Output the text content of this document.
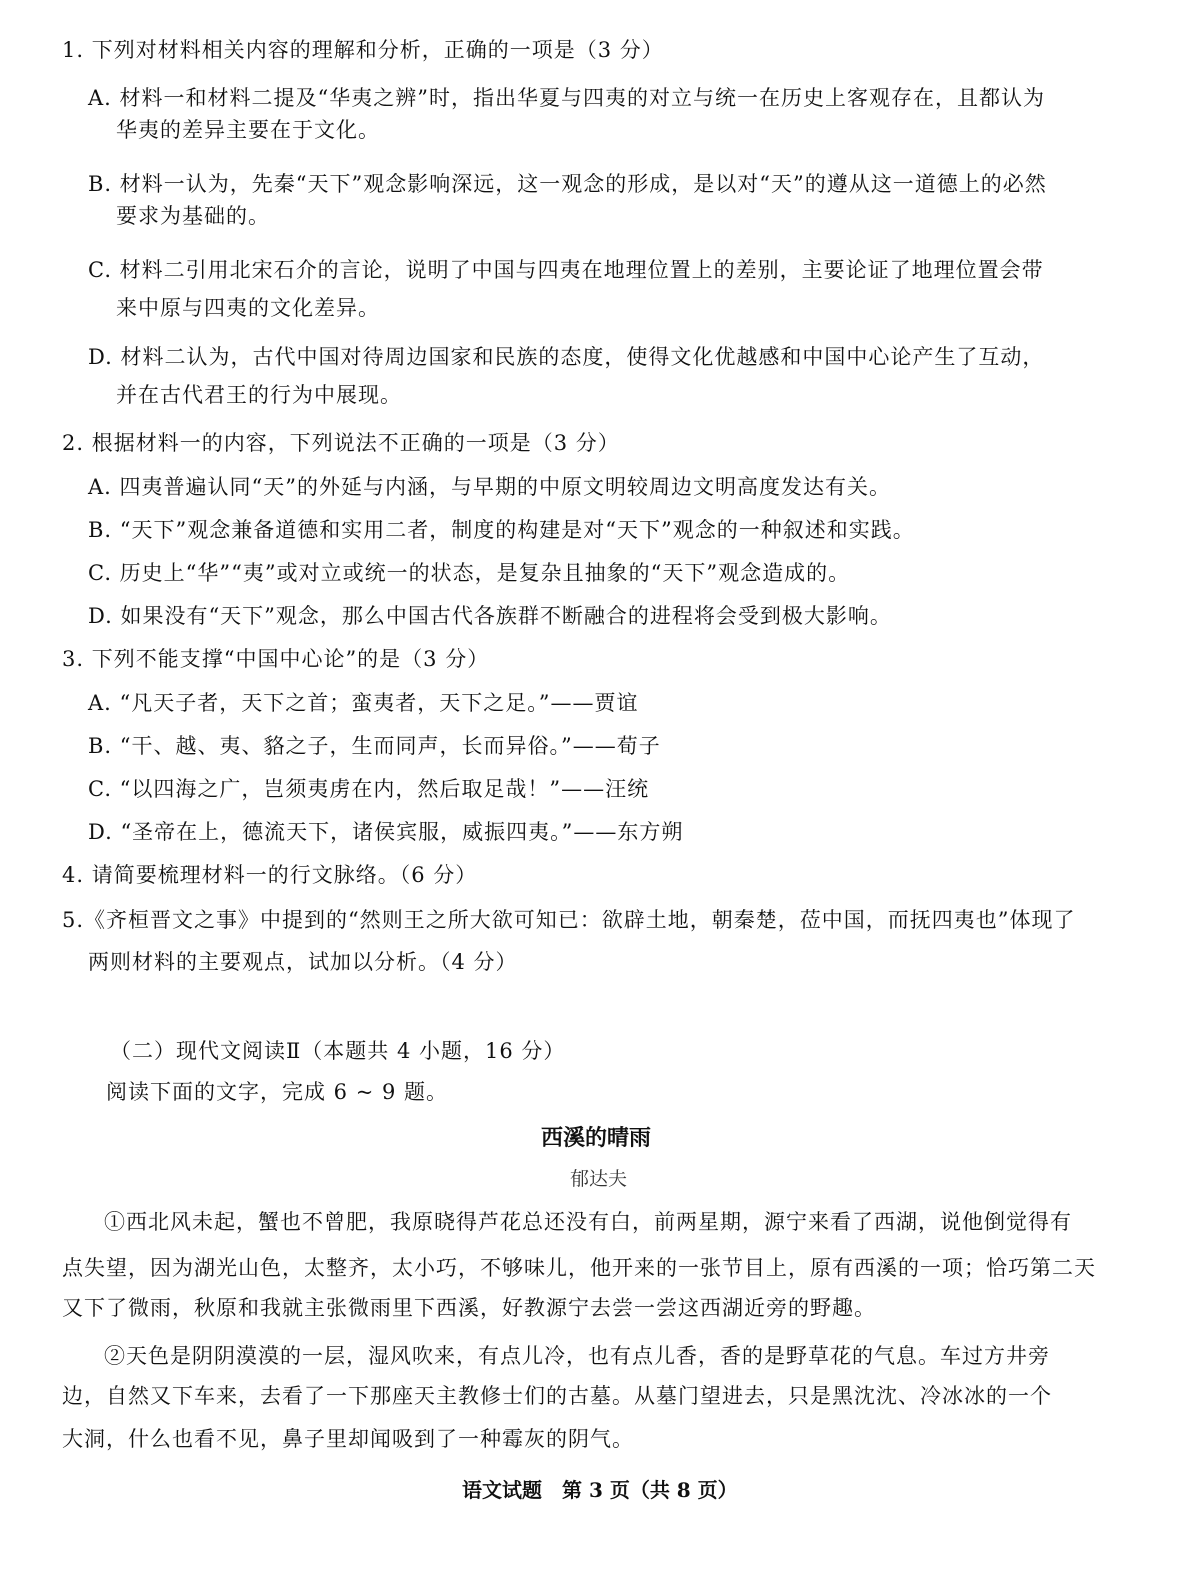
1. 下列对材料相关内容的理解和分析，正确的一项是（3 分）
A. 材料一和材料二提及“华夷之辨”时，指出华夏与四夷的对立与统一在历史上客观存在，且都认为
华夷的差异主要在于文化。
B. 材料一认为，先秦“天下”观念影响深远，这一观念的形成，是以对“天”的遵从这一道德上的必然
要求为基础的。
C. 材料二引用北宋石介的言论，说明了中国与四夷在地理位置上的差别，主要论证了地理位置会带
来中原与四夷的文化差异。
D. 材料二认为，古代中国对待周边国家和民族的态度，使得文化优越感和中国中心论产生了互动，
并在古代君王的行为中展现。
2. 根据材料一的内容，下列说法不正确的一项是（3 分）
A. 四夷普遍认同“天”的外延与内涵，与早期的中原文明较周边文明高度发达有关。
B. “天下”观念兼备道德和实用二者，制度的构建是对“天下”观念的一种叙述和实践。
C. 历史上“华”“夷”或对立或统一的状态，是复杂且抽象的“天下”观念造成的。
D. 如果没有“天下”观念，那么中国古代各族群不断融合的进程将会受到极大影响。
3. 下列不能支撑“中国中心论”的是（3 分）
A. “凡天子者，天下之首；蛮夷者，天下之足。”——贾谊
B. “干、越、夷、貉之子，生而同声，长而异俗。”——荀子
C. “以四海之广，岂须夷虏在内，然后取足哉！”——汪统
D. “圣帝在上，德流天下，诸侯宾服，威振四夷。”——东方朔
4. 请简要梳理材料一的行文脉络。（6 分）
5.《齐桓晋文之事》中提到的“然则王之所大欲可知已：欲辟土地，朝秦楚，莅中国，而抚四夷也”体现了
两则材料的主要观点，试加以分析。（4 分）
（二）现代文阅读Ⅱ（本题共 4 小题，16 分）
阅读下面的文字，完成 6 ~ 9 题。
西溪的晴雨
郁达夫
①西北风未起，蟹也不曾肥，我原晓得芦花总还没有白，前两星期，源宁来看了西湖，说他倒觉得有
点失望，因为湖光山色，太整齐，太小巧，不够味儿，他开来的一张节目上，原有西溪的一项；恰巧第二天
又下了微雨，秋原和我就主张微雨里下西溪，好教源宁去尝一尝这西湖近旁的野趣。
②天色是阴阴漠漠的一层，湿风吹来，有点儿冷，也有点儿香，香的是野草花的气息。车过方井旁
边，自然又下车来，去看了一下那座天主教修士们的古墓。从墓门望进去，只是黑沈沈、冷冰冰的一个
大洞，什么也看不见，鼻子里却闻吸到了一种霉灰的阴气。
语文试题　第 3 页（共 8 页）
